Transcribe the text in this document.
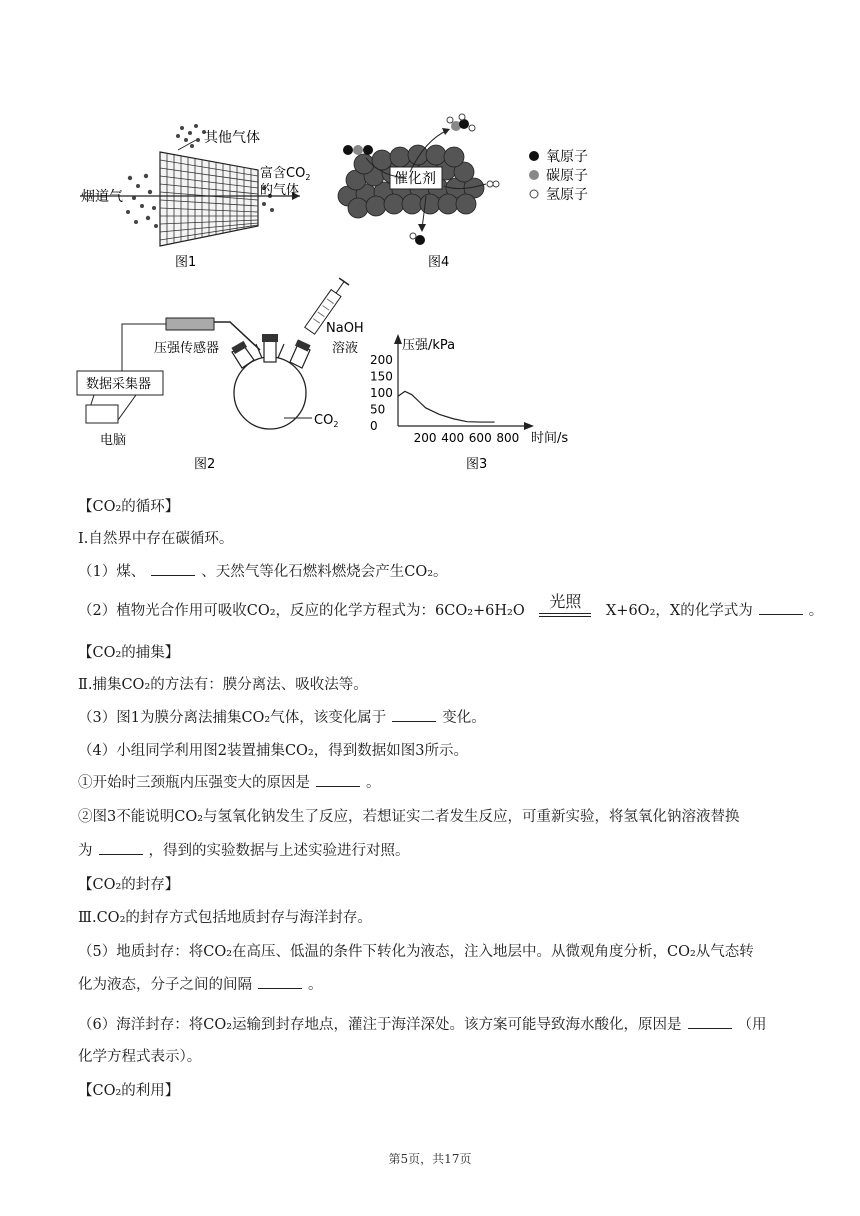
烟道气
其他气体
富含$CO_2$
的气体
图1
催化剂
氧原子
碳原子
氢原子
图4
数据采集器
压强传感器
电脑
NaOH
溶液
$CO_2$
图2
压强/kPa
时间/s
200 400 600 800
200
150
100
50
0
图3
【CO₂的循环】
Ⅰ.自然界中存在碳循环。
（1）煤、	、天然气等化石燃料燃烧会产生CO₂。
（2）植物光合作用可吸收CO₂，反应的化学方程式为：6CO₂+6H₂O	光照	X+6O₂，X的化学式为	。
【CO₂的捕集】
Ⅱ.捕集CO₂的方法有：膜分离法、吸收法等。
（3）图1为膜分离法捕集CO₂气体，该变化属于	变化。
（4）小组同学利用图2装置捕集CO₂，得到数据如图3所示。
①开始时三颈瓶内压强变大的原因是	。
②图3不能说明CO₂与氢氧化钠发生了反应，若想证实二者发生反应，可重新实验，将氢氧化钠溶液替换
为	，得到的实验数据与上述实验进行对照。
【CO₂的封存】
Ⅲ.CO₂的封存方式包括地质封存与海洋封存。
（5）地质封存：将CO₂在高压、低温的条件下转化为液态，注入地层中。从微观角度分析，CO₂从气态转
化为液态，分子之间的间隔	。
（6）海洋封存：将CO₂运输到封存地点，灌注于海洋深处。该方案可能导致海水酸化，原因是	（用
化学方程式表示）。
【CO₂的利用】
第5页，共17页
